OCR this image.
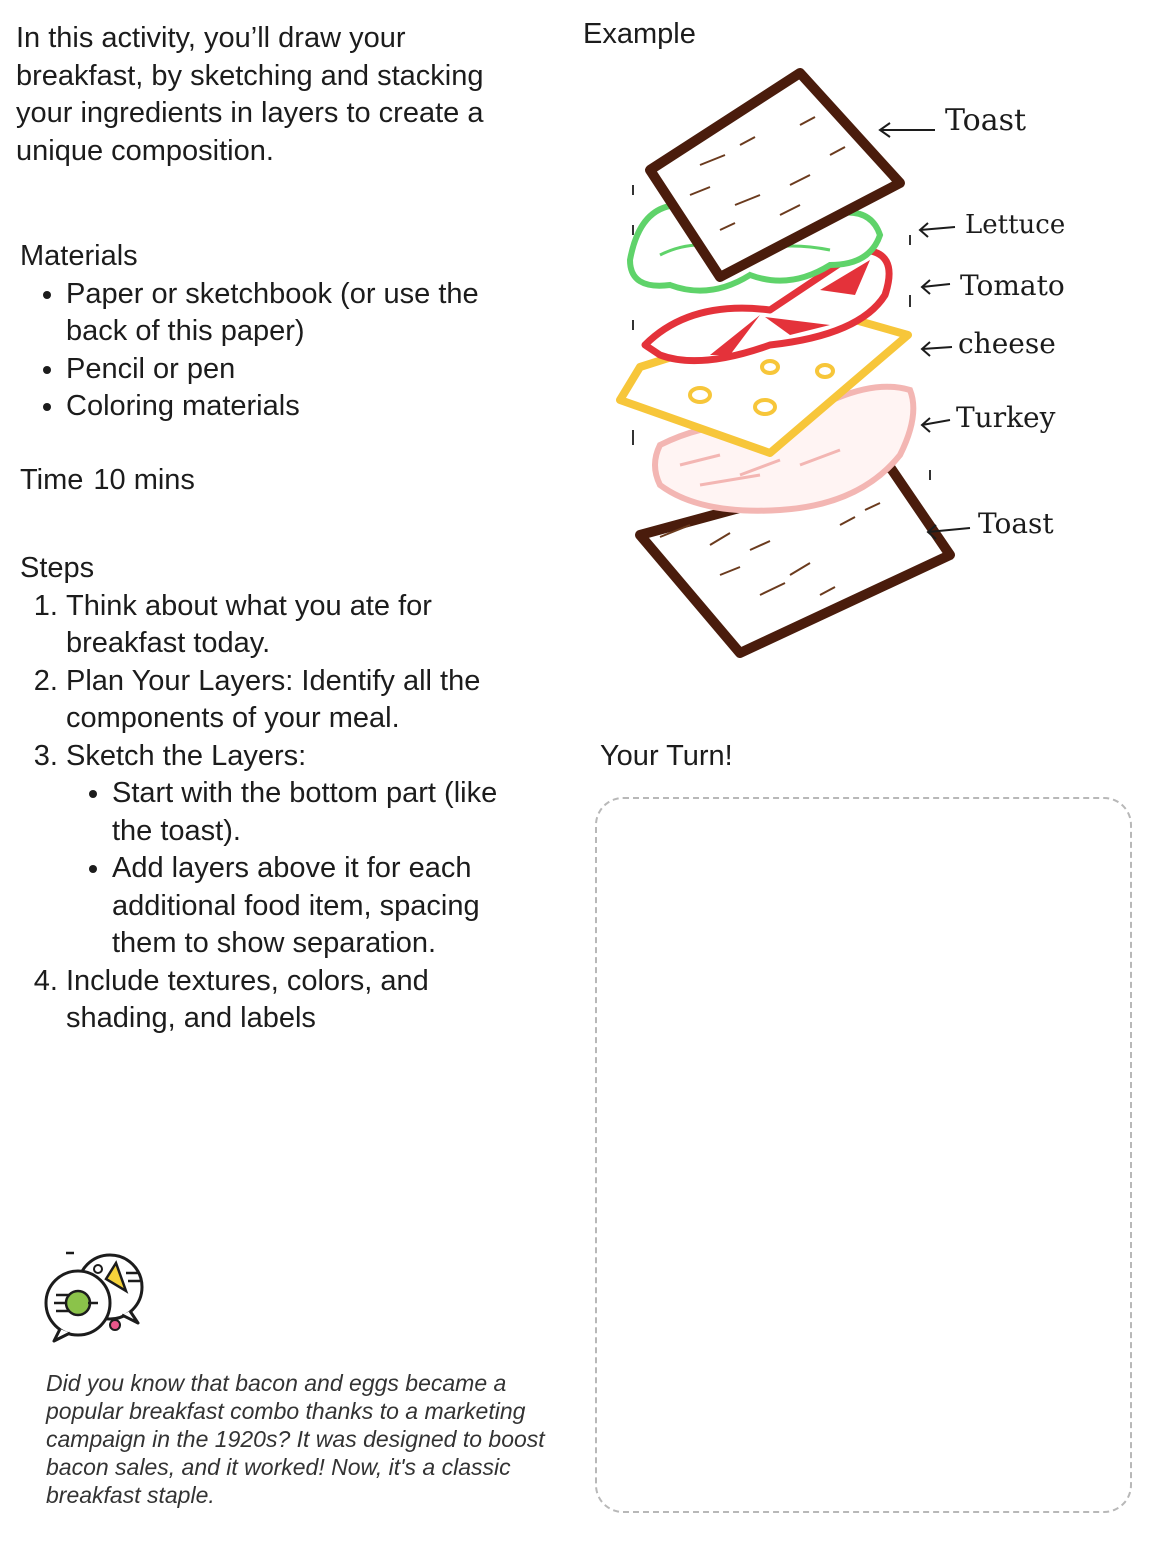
In this activity, you’ll draw your breakfast, by sketching and stacking your ingredients in layers to create a unique composition.
Materials
• Paper or sketchbook (or use the back of this paper)
• Pencil or pen
• Coloring materials
Time 10 mins
Steps
1. Think about what you ate for breakfast today.
2. Plan Your Layers: Identify all the components of your meal.
3. Sketch the Layers:
• Start with the bottom part (like the toast).
• Add layers above it for each additional food item, spacing them to show separation.
4. Include textures, colors, and shading, and labels
Did you know that bacon and eggs became a popular breakfast combo thanks to a marketing campaign in the 1920s? It was designed to boost bacon sales, and it worked! Now, it's a classic breakfast staple.
Example
Toast
Lettuce
Tomato
cheese
Turkey
Toast
Your Turn!
